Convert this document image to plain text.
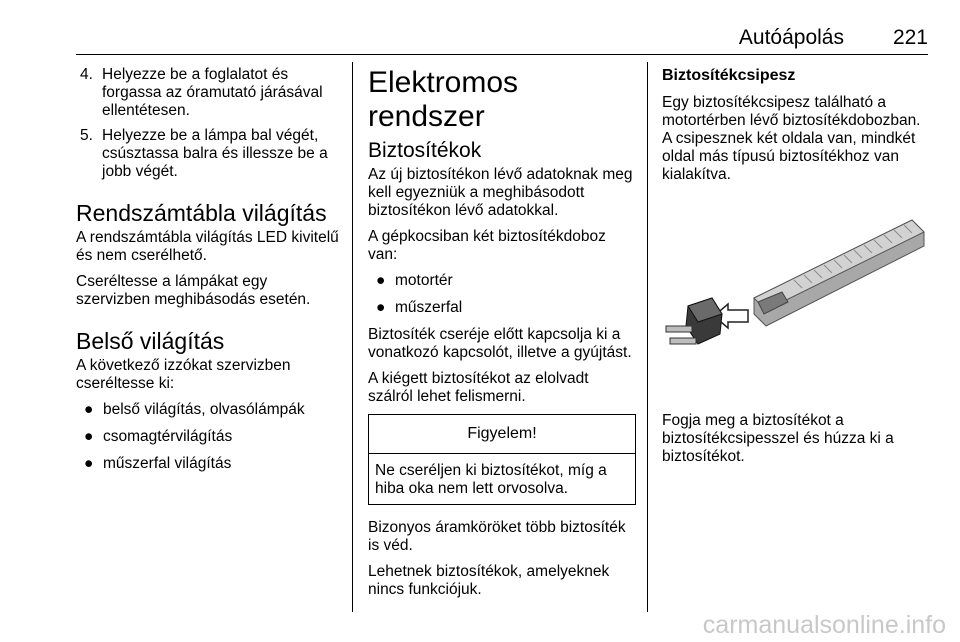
Autóápolás 221
4. Helyezze be a foglalatot és forgassa az óramutató járásával ellentétesen.
5. Helyezze be a lámpa bal végét, csúsztassa balra és illessze be a jobb végét.
Rendszámtábla világítás

A rendszámtábla világítás LED kivitelű és nem cserélhető.

Cseréltesse a lámpákat egy szervizben meghibásodás esetén.

Belső világítás

A következő izzókat szervizben cseréltesse ki:

● belső világítás, olvasólámpák
● csomagtérvilágítás
● műszerfal világítás
Elektromos rendszer
Biztosítékok

Az új biztosítékon lévő adatoknak meg kell egyezniük a meghibásodott biztosítékon lévő adatokkal.

A gépkocsiban két biztosítékdoboz van:

● motortér
● műszerfal

Biztosíték cseréje előtt kapcsolja ki a vonatkozó kapcsolót, illetve a gyújtást.

A kiégett biztosítékot az elolvadt szálról lehet felismerni.

Figyelem!
Ne cseréljen ki biztosítékot, míg a hiba oka nem lett orvosolva.

Bizonyos áramköröket több biztosíték is véd.

Lehetnek biztosítékok, amelyeknek nincs funkciójuk.

Biztosítékcsipesz

Egy biztosítékcsipesz található a motortérben lévő biztosítékdobozban. A csipesznek két oldala van, mindkét oldal más típusú biztosítékhoz van kialakítva.

Fogja meg a biztosítékot a biztosítékcsipesszel és húzza ki a biztosítékot.

carmanualsonline.info
